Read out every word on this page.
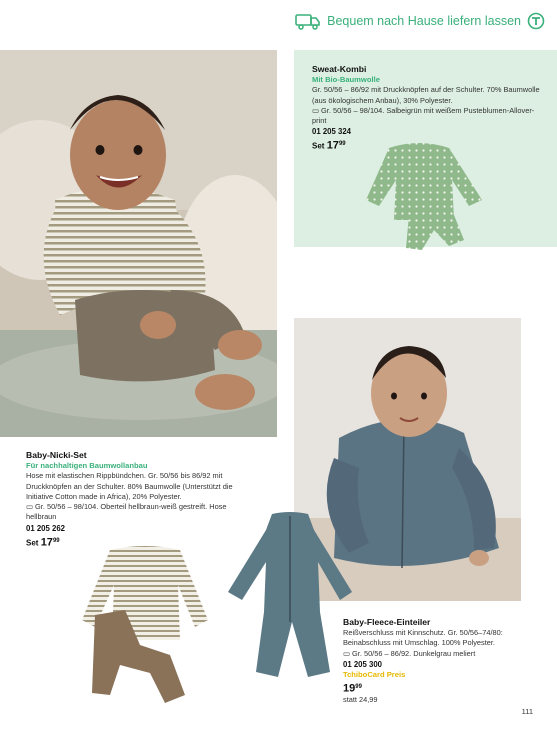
Bequem nach Hause liefern lassen
Sweat-Kombi
Mit Bio-Baumwolle
Gr. 50/56 – 86/92 mit Druckknöpfen auf der Schulter. 70% Baumwolle (aus ökologischem Anbau), 30% Polyester.
▭ Gr. 50/56 – 98/104. Salbeigrün mit weißem Pusteblumen-Alloverprint
01 205 324
Set $17^{99}$
Baby-Nicki-Set
Für nachhaltigen Baumwollanbau
Hose mit elastischen Rippbündchen. Gr. 50/56 bis 86/92 mit Druckknöpfen an der Schulter. 80% Baumwolle (Unterstützt die Initiative Cotton made in Africa), 20% Polyester.
▭ Gr. 50/56 – 98/104. Oberteil hellbraun-weiß gestreift. Hose hellbraun
01 205 262
Set $17^{99}$
Baby-Fleece-Einteiler
Reißverschluss mit Kinnschutz. Gr. 50/56–74/80: Beinabschluss mit Umschlag. 100% Polyester.
▭ Gr. 50/56 – 86/92. Dunkelgrau meliert
01 205 300
TchiboCard Preis
$19^{99}$
statt 24,99
111
